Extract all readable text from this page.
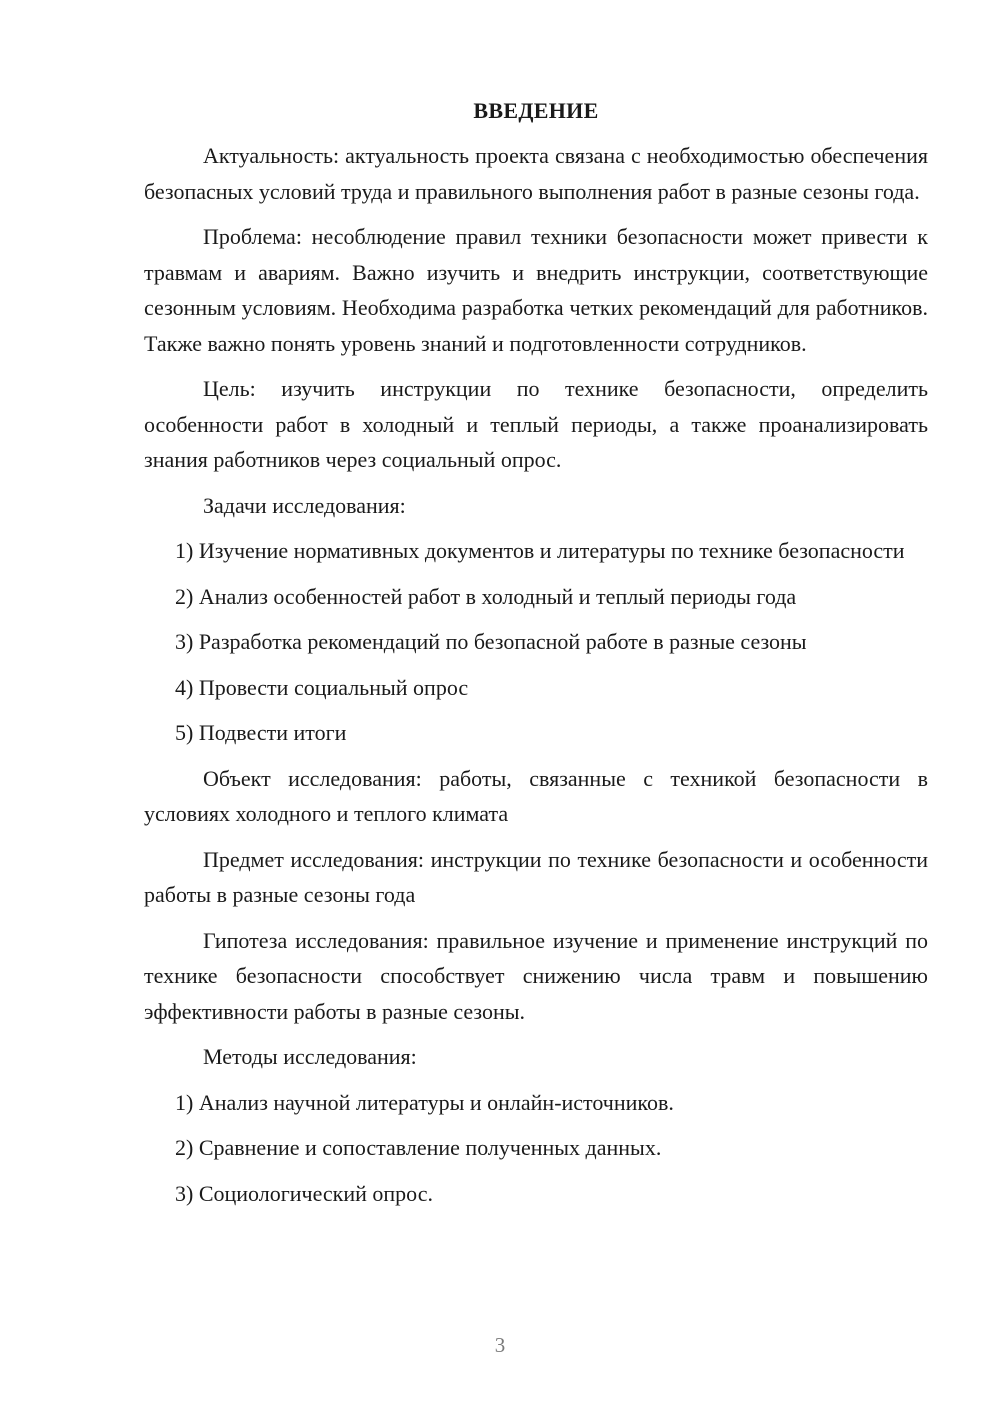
ВВЕДЕНИЕ

Актуальность: актуальность проекта связана с необходимостью обеспечения безопасных условий труда и правильного выполнения работ в разные сезоны года.

Проблема: несоблюдение правил техники безопасности может привести к травмам и авариям. Важно изучить и внедрить инструкции, соответствующие сезонным условиям. Необходима разработка четких рекомендаций для работников. Также важно понять уровень знаний и подготовленности сотрудников.

Цель: изучить инструкции по технике безопасности, определить особенности работ в холодный и теплый периоды, а также проанализировать знания работников через социальный опрос.

Задачи исследования:

1) Изучение нормативных документов и литературы по технике безопасности

2) Анализ особенностей работ в холодный и теплый периоды года

3) Разработка рекомендаций по безопасной работе в разные сезоны

4) Провести социальный опрос

5) Подвести итоги

Объект исследования: работы, связанные с техникой безопасности в условиях холодного и теплого климата

Предмет исследования: инструкции по технике безопасности и особенности работы в разные сезоны года

Гипотеза исследования: правильное изучение и применение инструкций по технике безопасности способствует снижению числа травм и повышению эффективности работы в разные сезоны.

Методы исследования:

1) Анализ научной литературы и онлайн-источников.

2) Сравнение и сопоставление полученных данных.

3) Социологический опрос.

3
